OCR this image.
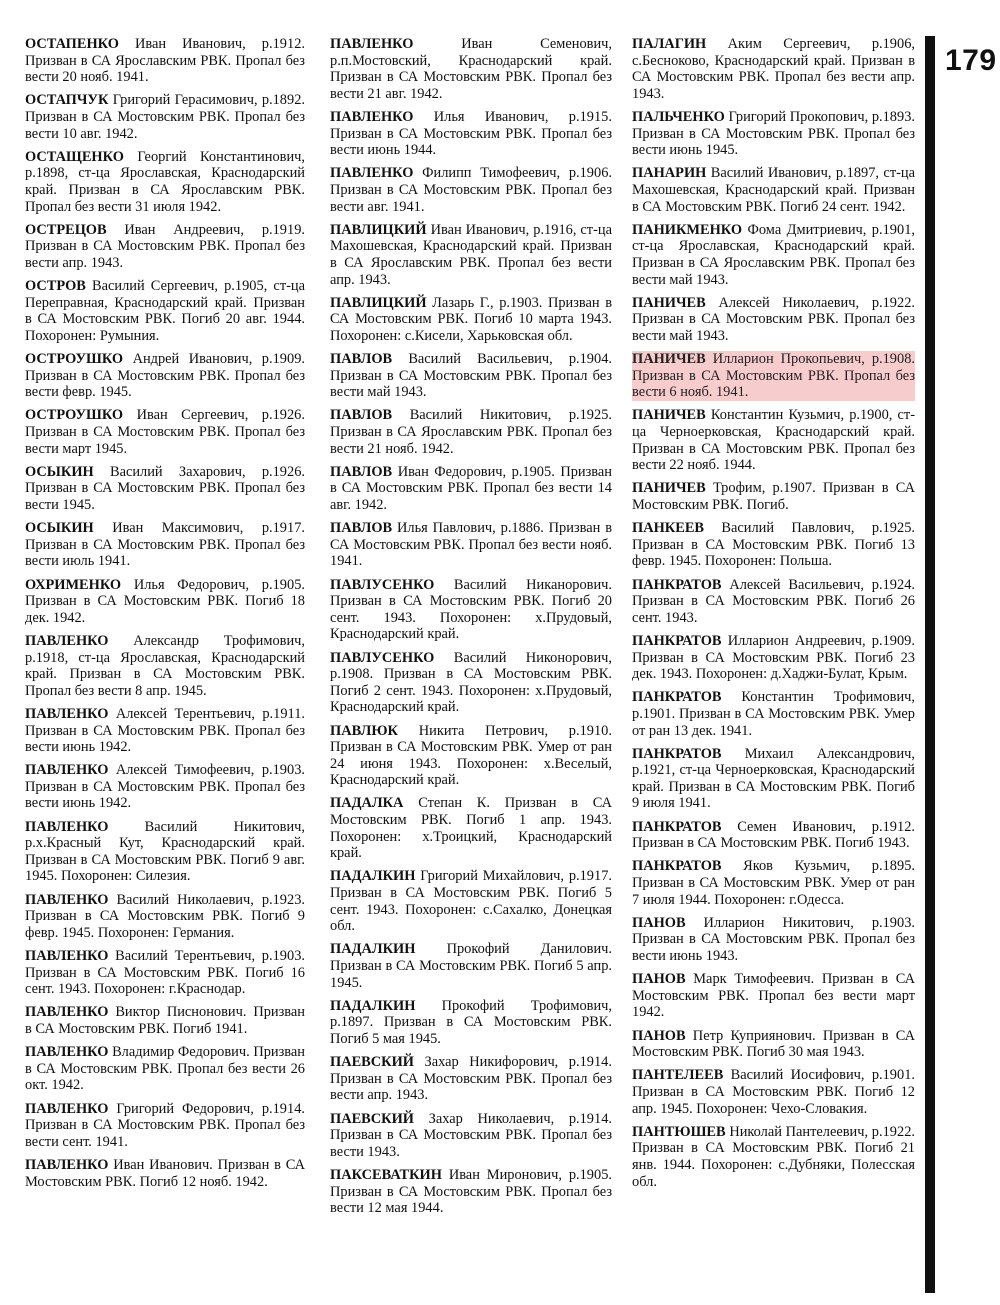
ОСТАПЕНКО Иван Иванович, р.1912. Призван в СА Ярославским РВК. Пропал без вести 20 нояб. 1941.

ОСТАПЧУК Григорий Герасимович, р.1892. Призван в СА Мостовским РВК. Пропал без вести 10 авг. 1942.

ОСТАЩЕНКО Георгий Константинович, р.1898, ст-ца Ярославская, Краснодарский край. Призван в СА Ярославским РВК. Пропал без вести 31 июля 1942.

ОСТРЕЦОВ Иван Андреевич, р.1919. Призван в СА Мостовским РВК. Пропал без вести апр. 1943.

ОСТРОВ Василий Сергеевич, р.1905, ст-ца Переправная, Краснодарский край. Призван в СА Мостовским РВК. Погиб 20 авг. 1944. Похоронен: Румыния.

ОСТРОУШКО Андрей Иванович, р.1909. Призван в СА Мостовским РВК. Пропал без вести февр. 1945.

ОСТРОУШКО Иван Сергеевич, р.1926. Призван в СА Мостовским РВК. Пропал без вести март 1945.

ОСЫКИН Василий Захарович, р.1926. Призван в СА Мостовским РВК. Пропал без вести 1945.

ОСЫКИН Иван Максимович, р.1917. Призван в СА Мостовским РВК. Пропал без вести июль 1941.

ОХРИМЕНКО Илья Федорович, р.1905. Призван в СА Мостовским РВК. Погиб 18 дек. 1942.

ПАВЛЕНКО Александр Трофимович, р.1918, ст-ца Ярославская, Краснодарский край. Призван в СА Мостовским РВК. Пропал без вести 8 апр. 1945.

ПАВЛЕНКО Алексей Терентьевич, р.1911. Призван в СА Мостовским РВК. Пропал без вести июнь 1942.

ПАВЛЕНКО Алексей Тимофеевич, р.1903. Призван в СА Мостовским РВК. Пропал без вести июнь 1942.

ПАВЛЕНКО	Василий Никитович, р.х.Красный Кут, Краснодарский край. Призван в СА Мостовским РВК. Погиб 9 авг. 1945. Похоронен: Силезия.

ПАВЛЕНКО Василий Николаевич, р.1923. Призван в СА Мостовским РВК. Погиб 9 февр. 1945. Похоронен: Германия.

ПАВЛЕНКО Василий Терентьевич, р.1903. Призван в СА Мостовским РВК. Погиб 16 сент. 1943. Похоронен: г.Краснодар.

ПАВЛЕНКО Виктор Писнонович. Призван в СА Мостовским РВК. Погиб 1941.

ПАВЛЕНКО Владимир Федорович. Призван в СА Мостовским РВК. Пропал без вести 26 окт. 1942.

ПАВЛЕНКО Григорий Федорович, р.1914. Призван в СА Мостовским РВК. Пропал без вести сент. 1941.

ПАВЛЕНКО Иван Иванович. Призван в СА Мостовским РВК. Погиб 12 нояб. 1942.

ПАВЛЕНКО	Иван Семенович, р.п.Мостовский, Краснодарский край. Призван в СА Мостовским РВК. Пропал без вести 21 авг. 1942.

ПАВЛЕНКО Илья Иванович, р.1915. Призван в СА Мостовским РВК. Пропал без вести июнь 1944.

ПАВЛЕНКО Филипп Тимофеевич, р.1906. Призван в СА Мостовским РВК. Пропал без вести авг. 1941.

ПАВЛИЦКИЙ Иван Иванович, р.1916, ст-ца Махошевская, Краснодарский край. Призван в СА Ярославским РВК. Пропал без вести апр. 1943.

ПАВЛИЦКИЙ Лазарь Г., р.1903. Призван в СА Мостовским РВК. Погиб 10 марта 1943. Похоронен: с.Кисели, Харьковская обл.

ПАВЛОВ Василий Васильевич, р.1904. Призван в СА Мостовским РВК. Пропал без вести май 1943.

ПАВЛОВ Василий Никитович, р.1925. Призван в СА Ярославским РВК. Пропал без вести 21 нояб. 1942.

ПАВЛОВ Иван Федорович, р.1905. Призван в СА Мостовским РВК. Пропал без вести 14 авг. 1942.

ПАВЛОВ Илья Павлович, р.1886. Призван в СА Мостовским РВК. Пропал без вести нояб. 1941.

ПАВЛУСЕНКО Василий Никанорович. Призван в СА Мостовским РВК. Погиб 20 сент. 1943. Похоронен: х.Прудовый, Краснодарский край.

ПАВЛУСЕНКО Василий Никонорович, р.1908. Призван в СА Мостовским РВК. Погиб 2 сент. 1943. Похоронен: х.Прудовый, Краснодарский край.

ПАВЛЮК Никита Петрович, р.1910. Призван в СА Мостовским РВК. Умер от ран 24 июня 1943. Похоронен: х.Веселый, Краснодарский край.

ПАДАЛКА Степан К. Призван в СА Мостовским РВК. Погиб 1 апр. 1943. Похоронен: х.Троицкий, Краснодарский край.

ПАДАЛКИН Григорий Михайлович, р.1917. Призван в СА Мостовским РВК. Погиб 5 сент. 1943. Похоронен: с.Сахалко, Донецкая обл.

ПАДАЛКИН Прокофий Данилович. Призван в СА Мостовским РВК. Погиб 5 апр. 1945.

ПАДАЛКИН Прокофий Трофимович, р.1897. Призван в СА Мостовским РВК. Погиб 5 мая 1945.

ПАЕВСКИЙ Захар Никифорович, р.1914. Призван в СА Мостовским РВК. Пропал без вести апр. 1943.

ПАЕВСКИЙ Захар Николаевич, р.1914. Призван в СА Мостовским РВК. Пропал без вести 1943.

ПАКСЕВАТКИН Иван Миронович, р.1905. Призван в СА Мостовским РВК. Пропал без вести 12 мая 1944.

ПАЛАГИН Аким Сергеевич, р.1906, с.Бесноково, Краснодарский край. Призван в СА Мостовским РВК. Пропал без вести апр. 1943.

ПАЛЬЧЕНКО Григорий Прокопович, р.1893. Призван в СА Мостовским РВК. Пропал без вести июнь 1945.

ПАНАРИН Василий Иванович, р.1897, ст-ца Махошевская, Краснодарский край. Призван в СА Мостовским РВК. Погиб 24 сент. 1942.

ПАНИКМЕНКО Фома Дмитриевич, р.1901, ст-ца Ярославская, Краснодарский край. Призван в СА Ярославским РВК. Пропал без вести май 1943.

ПАНИЧЕВ Алексей Николаевич, р.1922. Призван в СА Мостовским РВК. Пропал без вести май 1943.

ПАНИЧЕВ Илларион Прокопьевич, р.1908. Призван в СА Мостовским РВК. Пропал без вести 6 нояб. 1941.

ПАНИЧЕВ Константин Кузьмич, р.1900, ст-ца Черноерковская, Краснодарский край. Призван в СА Мостовским РВК. Пропал без вести 22 нояб. 1944.

ПАНИЧЕВ Трофим, р.1907. Призван в СА Мостовским РВК. Погиб.

ПАНКЕЕВ Василий Павлович, р.1925. Призван в СА Мостовским РВК. Погиб 13 февр. 1945. Похоронен: Польша.

ПАНКРАТОВ Алексей Васильевич, р.1924. Призван в СА Мостовским РВК. Погиб 26 сент. 1943.

ПАНКРАТОВ Илларион Андреевич, р.1909. Призван в СА Мостовским РВК. Погиб 23 дек. 1943. Похоронен: д.Хаджи-Булат, Крым.

ПАНКРАТОВ Константин Трофимович, р.1901. Призван в СА Мостовским РВК. Умер от ран 13 дек. 1941.

ПАНКРАТОВ Михаил Александрович, р.1921, ст-ца Черноерковская, Краснодарский край. Призван в СА Мостовским РВК. Погиб 9 июля 1941.

ПАНКРАТОВ Семен Иванович, р.1912. Призван в СА Мостовским РВК. Погиб 1943.

ПАНКРАТОВ Яков Кузьмич, р.1895. Призван в СА Мостовским РВК. Умер от ран 7 июля 1944. Похоронен: г.Одесса.

ПАНОВ Илларион Никитович, р.1903. Призван в СА Мостовским РВК. Пропал без вести июнь 1943.

ПАНОВ Марк Тимофеевич. Призван в СА Мостовским РВК. Пропал без вести март 1942.

ПАНОВ Петр Куприянович. Призван в СА Мостовским РВК. Погиб 30 мая 1943.

ПАНТЕЛЕЕВ Василий Иосифович, р.1901. Призван в СА Мостовским РВК. Погиб 12 апр. 1945. Похоронен: Чехо-Словакия.

ПАНТЮШЕВ Николай Пантелеевич, р.1922. Призван в СА Мостовским РВК. Погиб 21 янв. 1944. Похоронен: с.Дубняки, Полесская обл.

179
